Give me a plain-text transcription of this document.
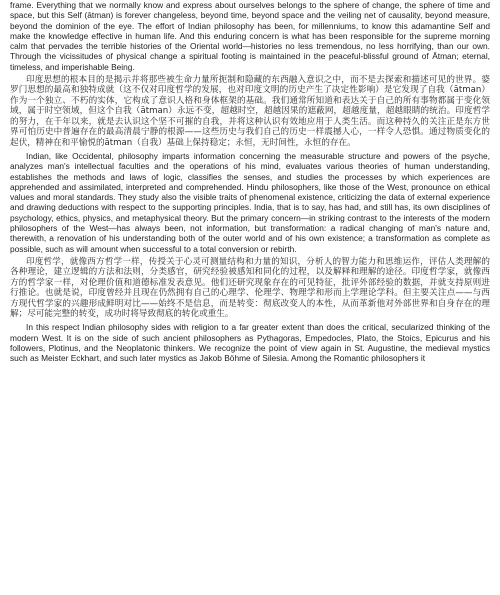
frame. Everything that we normally know and express about ourselves belongs to the sphere of change, the sphere of time and space, but this Self (ātman) is forever changeless, beyond time, beyond space and the veiling net of causality, beyond measure, beyond the dominion of the eye. The effort of Indian philosophy has been, for millenniums, to know this adamantine Self and make the knowledge effective in human life. And this enduring concern is what has been responsible for the supreme morning calm that pervades the terrible histories of the Oriental world—histories no less tremendous, no less horrifying, than our own. Through the vicissitudes of physical change a spiritual footing is maintained in the peaceful-blissful ground of Ātman; eternal, timeless, and imperishable Being.

印度思想的根本目的是揭示并将那些被生命力量所扼制和隐藏的东西融入意识之中，而不是去探索和描述可见的世界。婆罗门思想的最高和独特成就（这不仅对印度哲学的发展，也对印度文明的历史产生了决定性影响）是它发现了自我（ātman）作为一个独立、不朽的实体，它构成了意识人格和身体框架的基础。我们通常所知道和表达关于自己的所有事物都属于变化领域，属于时空领域，但这个自我（ātman）永远不变，超越时空，超越因果的遮蔽网，超越度量，超越眼睛的统治。印度哲学的努力，在千年以来，就是去认识这个坚不可摧的自我，并将这种认识有效地应用于人类生活。而这种持久的关注正是东方世界可怕历史中普遍存在的最高清晨宁静的根源——这些历史与我们自己的历史一样震撼人心，一样令人恐惧。通过物质变化的起伏，精神在和平愉悦的ātman（自我）基础上保持稳定；永恒，无时间性，永恒的存在。

Indian, like Occidental, philosophy imparts information concerning the measurable structure and powers of the psyche, analyzes man's intellectual faculties and the operations of his mind, evaluates various theories of human understanding, establishes the methods and laws of logic, classifies the senses, and studies the processes by which experiences are apprehended and assimilated, interpreted and comprehended. Hindu philosophers, like those of the West, pronounce on ethical values and moral standards. They study also the visible traits of phenomenal existence, criticizing the data of external experience and drawing deductions with respect to the supporting principles. India, that is to say, has had, and still has, its own disciplines of psychology, ethics, physics, and metaphysical theory. But the primary concern—in striking contrast to the interests of the modern philosophers of the West—has always been, not information, but transformation: a radical changing of man's nature and, therewith, a renovation of his understanding both of the outer world and of his own existence; a transformation as complete as possible, such as will amount when successful to a total conversion or rebirth.

印度哲学，就像西方哲学一样，传授关于心灵可测量结构和力量的知识，分析人的智力能力和思维运作，评估人类理解的各种理论，建立逻辑的方法和法则，分类感官，研究经验被感知和同化的过程，以及解释和理解的途径。印度哲学家，就像西方的哲学家一样，对伦理价值和道德标准发表意见。他们还研究现象存在的可见特征，批评外部经验的数据，并就支持原则进行推论。也就是说，印度曾经并且现在仍然拥有自己的心理学、伦理学、物理学和形而上学理论学科。但主要关注点——与西方现代哲学家的兴趣形成鲜明对比——始终不是信息，而是转变：彻底改变人的本性，从而革新他对外部世界和自身存在的理解；尽可能完整的转变，成功时将导致彻底的转化或重生。

In this respect Indian philosophy sides with religion to a far greater extent than does the critical, secularized thinking of the modern West. It is on the side of such ancient philosophers as Pythagoras, Empedocles, Plato, the Stoics, Epicurus and his followers, Plotinus, and the Neoplatonic thinkers. We recognize the point of view again in St. Augustine, the medieval mystics such as Meister Eckhart, and such later mystics as Jakob Böhme of Silesia. Among the Romantic philosophers it
